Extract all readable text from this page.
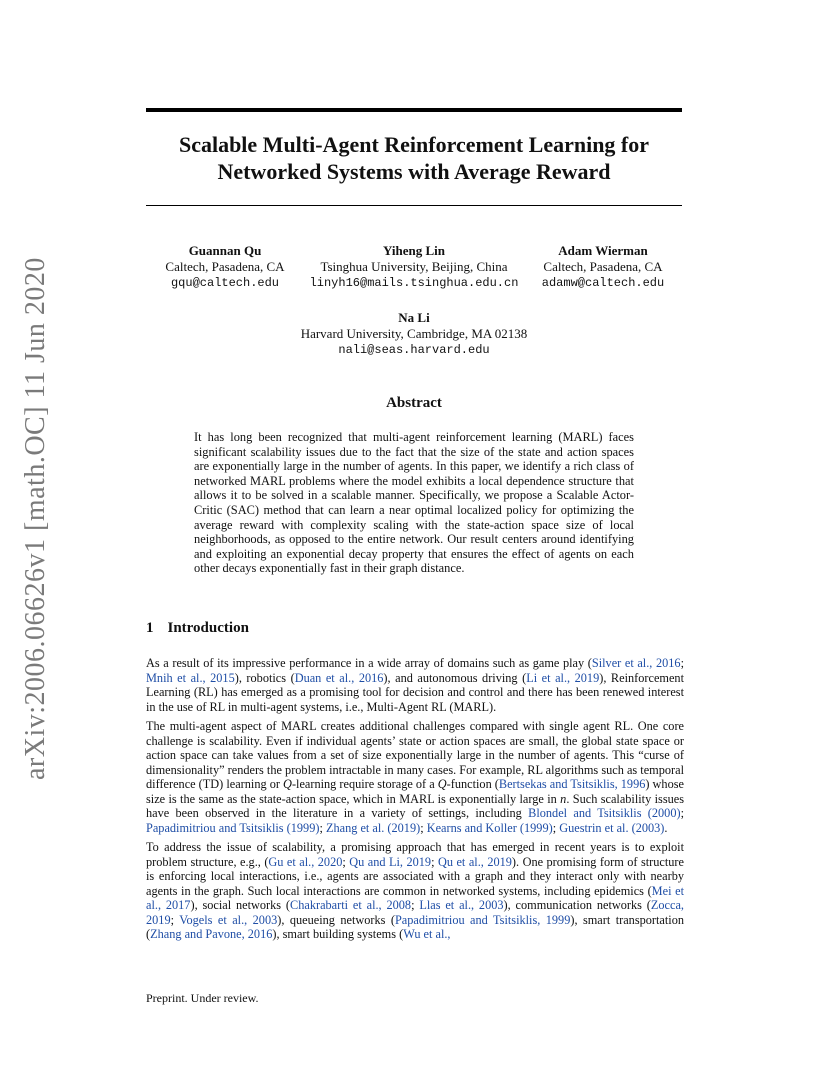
arXiv:2006.06626v1 [math.OC] 11 Jun 2020
Scalable Multi-Agent Reinforcement Learning for
Networked Systems with Average Reward
Guannan Qu
Caltech, Pasadena, CA
gqu@caltech.edu
Yiheng Lin
Tsinghua University, Beijing, China
linyh16@mails.tsinghua.edu.cn
Adam Wierman
Caltech, Pasadena, CA
adamw@caltech.edu
Na Li
Harvard University, Cambridge, MA 02138
nali@seas.harvard.edu
Abstract
It has long been recognized that multi-agent reinforcement learning (MARL) faces significant scalability issues due to the fact that the size of the state and action spaces are exponentially large in the number of agents. In this paper, we identify a rich class of networked MARL problems where the model exhibits a local dependence structure that allows it to be solved in a scalable manner. Specifically, we propose a Scalable Actor-Critic (SAC) method that can learn a near optimal localized policy for optimizing the average reward with complexity scaling with the state-action space size of local neighborhoods, as opposed to the entire network. Our result centers around identifying and exploiting an exponential decay property that ensures the effect of agents on each other decays exponentially fast in their graph distance.
1 Introduction

As a result of its impressive performance in a wide array of domains such as game play (Silver et al., 2016; Mnih et al., 2015), robotics (Duan et al., 2016), and autonomous driving (Li et al., 2019), Reinforcement Learning (RL) has emerged as a promising tool for decision and control and there has been renewed interest in the use of RL in multi-agent systems, i.e., Multi-Agent RL (MARL).

The multi-agent aspect of MARL creates additional challenges compared with single agent RL. One core challenge is scalability. Even if individual agents’ state or action spaces are small, the global state space or action space can take values from a set of size exponentially large in the number of agents. This “curse of dimensionality” renders the problem intractable in many cases. For example, RL algorithms such as temporal difference (TD) learning or Q-learning require storage of a Q-function (Bertsekas and Tsitsiklis, 1996) whose size is the same as the state-action space, which in MARL is exponentially large in n. Such scalability issues have been observed in the literature in a variety of settings, including Blondel and Tsitsiklis (2000); Papadimitriou and Tsitsiklis (1999); Zhang et al. (2019); Kearns and Koller (1999); Guestrin et al. (2003).

To address the issue of scalability, a promising approach that has emerged in recent years is to exploit problem structure, e.g., (Gu et al., 2020; Qu and Li, 2019; Qu et al., 2019). One promising form of structure is enforcing local interactions, i.e., agents are associated with a graph and they interact only with nearby agents in the graph. Such local interactions are common in networked systems, including epidemics (Mei et al., 2017), social networks (Chakrabarti et al., 2008; Llas et al., 2003), communication networks (Zocca, 2019; Vogels et al., 2003), queueing networks (Papadimitriou and Tsitsiklis, 1999), smart transportation (Zhang and Pavone, 2016), smart building systems (Wu et al.,

Preprint. Under review.
